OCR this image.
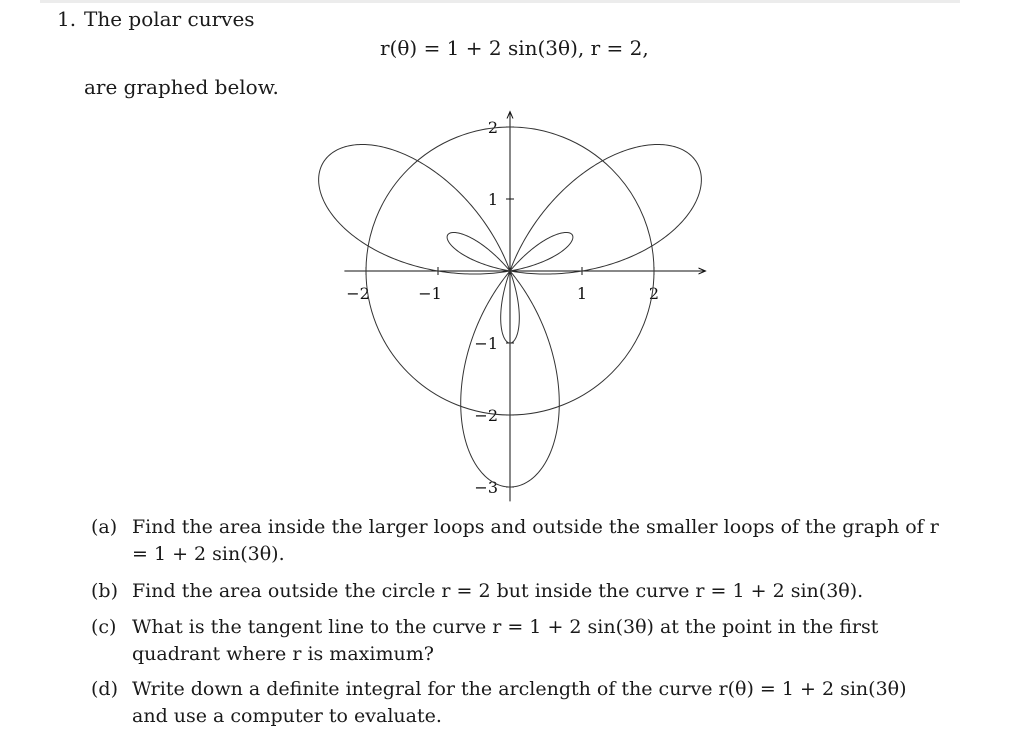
1. The polar curves
r(θ) = 1 + 2 sin(3θ), r = 2,
are graphed below.
−2	−1	1	2
2
1
−1
−2
−3
(a) Find the area inside the larger loops and outside the smaller loops of the graph of r = 1 + 2 sin(3θ).
(b) Find the area outside the circle r = 2 but inside the curve r = 1 + 2 sin(3θ).
(c) What is the tangent line to the curve r = 1 + 2 sin(3θ) at the point in the first quadrant where r is maximum?
(d) Write down a definite integral for the arclength of the curve r(θ) = 1 + 2 sin(3θ) and use a computer to evaluate.
